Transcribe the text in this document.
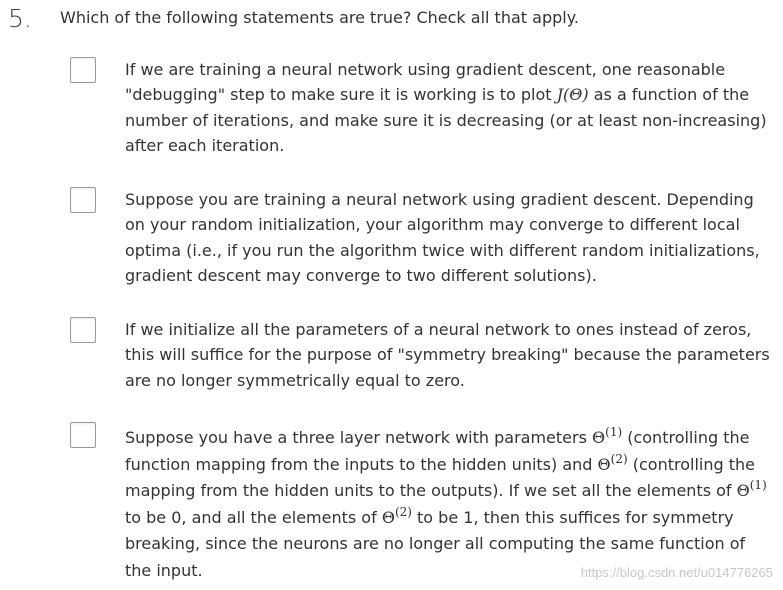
5. Which of the following statements are true? Check all that apply.
If we are training a neural network using gradient descent, one reasonable "debugging" step to make sure it is working is to plot J(Θ) as a function of the number of iterations, and make sure it is decreasing (or at least non-increasing) after each iteration.
Suppose you are training a neural network using gradient descent. Depending on your random initialization, your algorithm may converge to different local optima (i.e., if you run the algorithm twice with different random initializations, gradient descent may converge to two different solutions).
If we initialize all the parameters of a neural network to ones instead of zeros, this will suffice for the purpose of "symmetry breaking" because the parameters are no longer symmetrically equal to zero.
Suppose you have a three layer network with parameters $\Theta^{(1)}$ (controlling the function mapping from the inputs to the hidden units) and $\Theta^{(2)}$ (controlling the mapping from the hidden units to the outputs). If we set all the elements of $\Theta^{(1)}$ to be 0, and all the elements of $\Theta^{(2)}$ to be 1, then this suffices for symmetry breaking, since the neurons are no longer all computing the same function of the input.	https://blog.csdn.net/u014776265
